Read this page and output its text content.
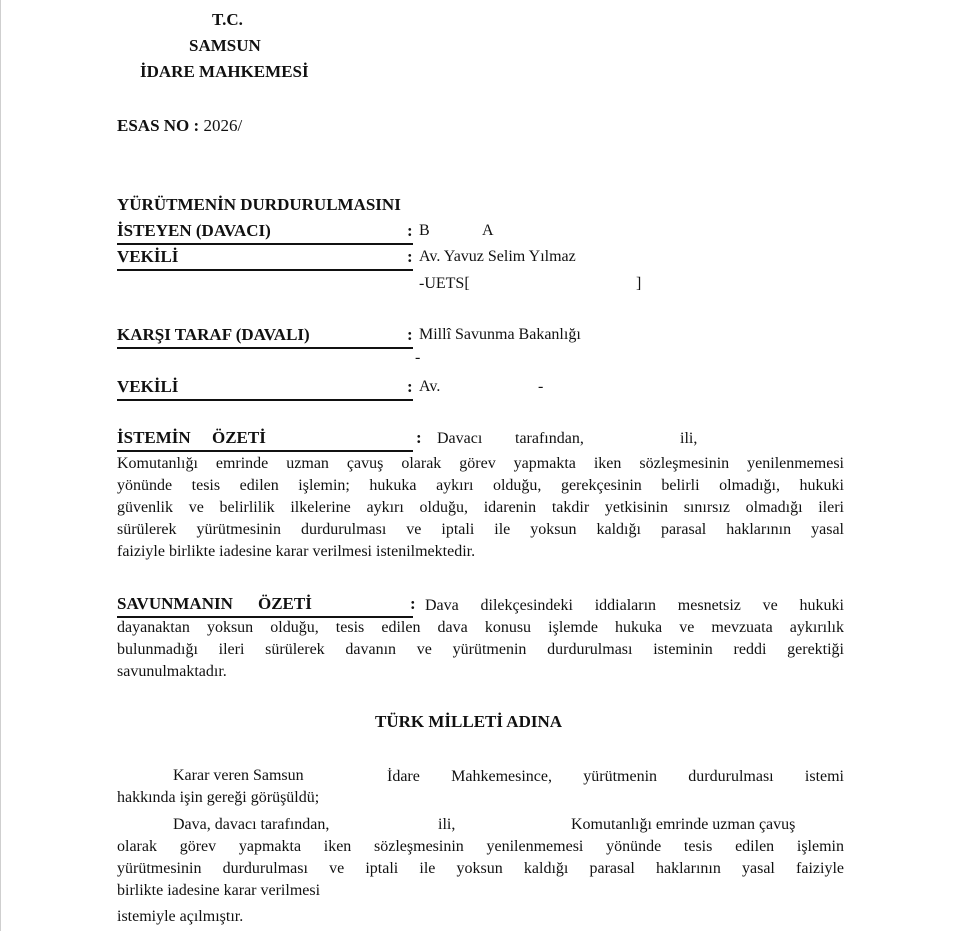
T.C.
SAMSUN
İDARE MAHKEMESİ
ESAS NO : 2026/
YÜRÜTMENİN DURDURULMASINI
İSTEYEN (DAVACI)	: B	A
VEKİLİ	: Av. Yavuz Selim Yılmaz
-UETS[	]
KARŞI TARAF (DAVALI)	: Millî Savunma Bakanlığı
-
VEKİLİ	: Av.	-
İSTEMİN ÖZETİ	: Davacı tarafından,	ili,
Komutanlığı emrinde uzman çavuş olarak görev yapmakta iken sözleşmesinin yenilenmemesi
yönünde tesis edilen işlemin; hukuka aykırı olduğu, gerekçesinin belirli olmadığı, hukuki
güvenlik ve belirlilik ilkelerine aykırı olduğu, idarenin takdir yetkisinin sınırsız olmadığı ileri
sürülerek yürütmesinin durdurulması ve iptali ile yoksun kaldığı parasal haklarının yasal
faiziyle birlikte iadesine karar verilmesi istenilmektedir.
SAVUNMANIN ÖZETİ	: Dava dilekçesindeki iddiaların mesnetsiz ve hukuki
dayanaktan yoksun olduğu, tesis edilen dava konusu işlemde hukuka ve mevzuata aykırılık
bulunmadığı ileri sürülerek davanın ve yürütmenin durdurulması isteminin reddi gerektiği
savunulmaktadır.
TÜRK MİLLETİ ADINA
Karar veren Samsun	İdare Mahkemesince, yürütmenin durdurulması istemi
hakkında işin gereği görüşüldü;
Dava, davacı tarafından,	ili,	Komutanlığı emrinde uzman çavuş
olarak görev yapmakta iken sözleşmesinin yenilenmemesi yönünde tesis edilen işlemin
yürütmesinin durdurulması ve iptali ile yoksun kaldığı parasal haklarının yasal faiziyle
birlikte iadesine karar verilmesi
istemiyle açılmıştır.
